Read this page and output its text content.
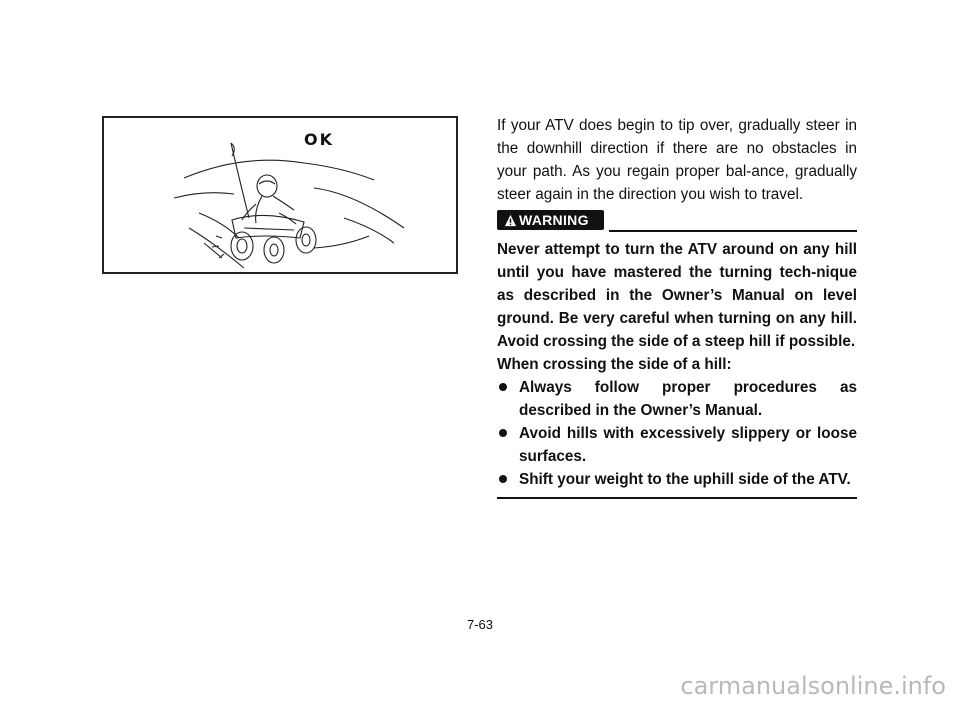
OK

If your ATV does begin to tip over, gradually steer in the downhill direction if there are no obstacles in your path. As you regain proper bal-ance, gradually steer again in the direction you wish to travel.

WARNING

Never attempt to turn the ATV around on any hill until you have mastered the turning tech-nique as described in the Owner’s Manual on level ground. Be very careful when turning on any hill. Avoid crossing the side of a steep hill if possible.

When crossing the side of a hill:

Always follow proper procedures as described in the Owner’s Manual.
Avoid hills with excessively slippery or loose surfaces.
Shift your weight to the uphill side of the ATV.
7-63
carmanualsonline.info
